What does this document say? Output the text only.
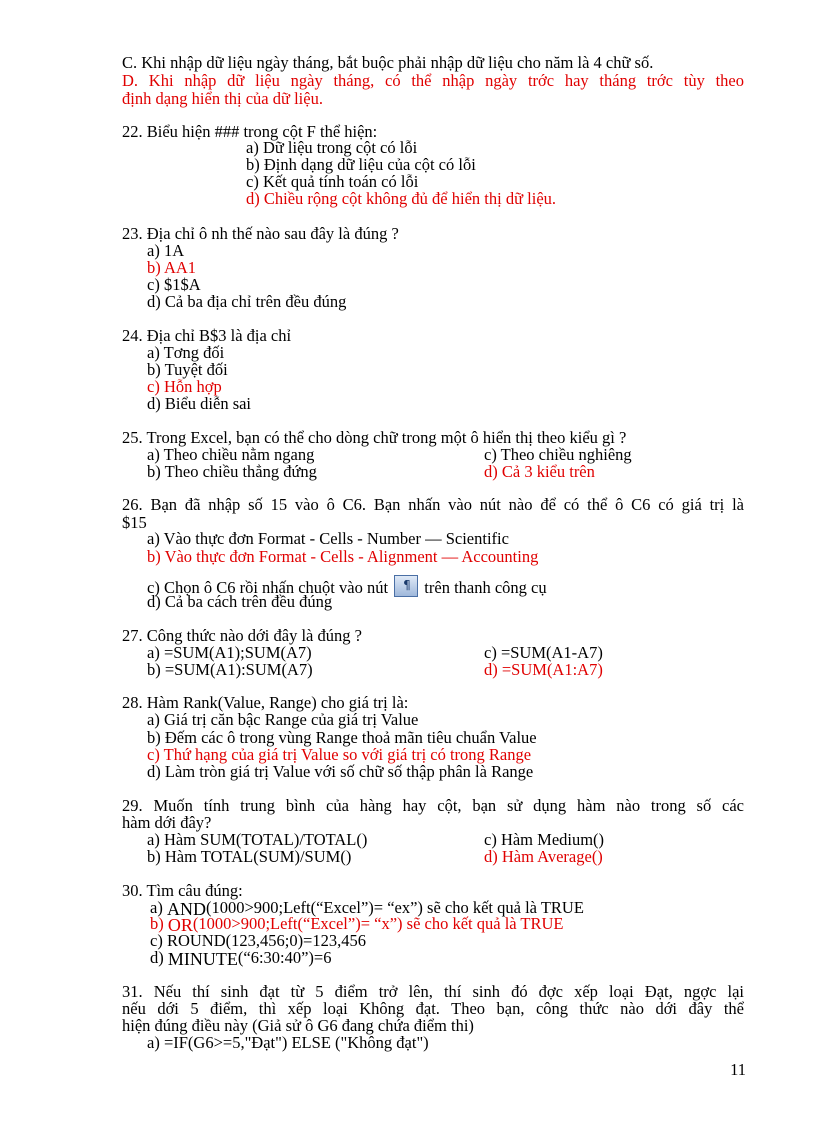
C. Khi nhập dữ liệu ngày tháng, bắt buộc phải nhập dữ liệu cho năm là 4 chữ số.
D. Khi nhập dữ liệu ngày tháng, có thể nhập ngày trớc hay tháng trớc tùy theo
định dạng hiển thị của dữ liệu.
22. Biểu hiện ### trong cột F thể hiện:
a) Dữ liệu trong cột có lỗi
b) Định dạng dữ liệu của cột có lỗi
c) Kết quả tính toán có lỗi
d) Chiều rộng cột không đủ để hiển thị dữ liệu.
23. Địa chỉ ô nh thế nào sau đây là đúng ?
a) 1A
b) AA1
c) $1$A
d) Cả ba địa chỉ trên đều đúng
24. Địa chỉ B$3 là địa chỉ
a) Tơng đối
b) Tuyệt đối
c) Hỗn hợp
d) Biểu diễn sai
25. Trong Excel, bạn có thể cho dòng chữ trong một ô hiển thị theo kiểu gì ?
a) Theo chiều nằm ngang
b) Theo chiều thẳng đứng
c) Theo chiều nghiêng
d) Cả 3 kiểu trên
26. Bạn đã nhập số 15 vào ô C6. Bạn nhấn vào nút nào để có thể ô C6 có giá trị là
$15
a) Vào thực đơn Format - Cells - Number — Scientific
b) Vào thực đơn Format - Cells - Alignment — Accounting
c) Chọn ô C6 rồi nhấn chuột vào nút ¶ trên thanh công cụ
d) Cả ba cách trên đều đúng
27. Công thức nào dới đây là đúng ?
a) =SUM(A1);SUM(A7)
b) =SUM(A1):SUM(A7)
c) =SUM(A1-A7)
d) =SUM(A1:A7)
28. Hàm Rank(Value, Range) cho giá trị là:
a) Giá trị căn bậc Range của giá trị Value
b) Đếm các ô trong vùng Range thoả mãn tiêu chuẩn Value
c) Thứ hạng của giá trị Value so với giá trị có trong Range
d) Làm tròn giá trị Value với số chữ số thập phân là Range
29. Muốn tính trung bình của hàng hay cột, bạn sử dụng hàm nào trong số các
hàm dới đây?
a) Hàm SUM(TOTAL)/TOTAL()
b) Hàm TOTAL(SUM)/SUM()
c) Hàm Medium()
d) Hàm Average()
30. Tìm câu đúng:
a) AND(1000>900;Left(“Excel”)= “ex”) sẽ cho kết quả là TRUE
b) OR(1000>900;Left(“Excel”)= “x”) sẽ cho kết quả là TRUE
c) ROUND(123,456;0)=123,456
d) MINUTE(“6:30:40”)=6
31. Nếu thí sinh đạt từ 5 điểm trở lên, thí sinh đó đợc xếp loại Đạt, ngợc lại
nếu dới 5 điểm, thì xếp loại Không đạt. Theo bạn, công thức nào dới đây thể
hiện đúng điều này (Giả sử ô G6 đang chứa điểm thi)
a) =IF(G6>=5,"Đạt") ELSE ("Không đạt")
11
